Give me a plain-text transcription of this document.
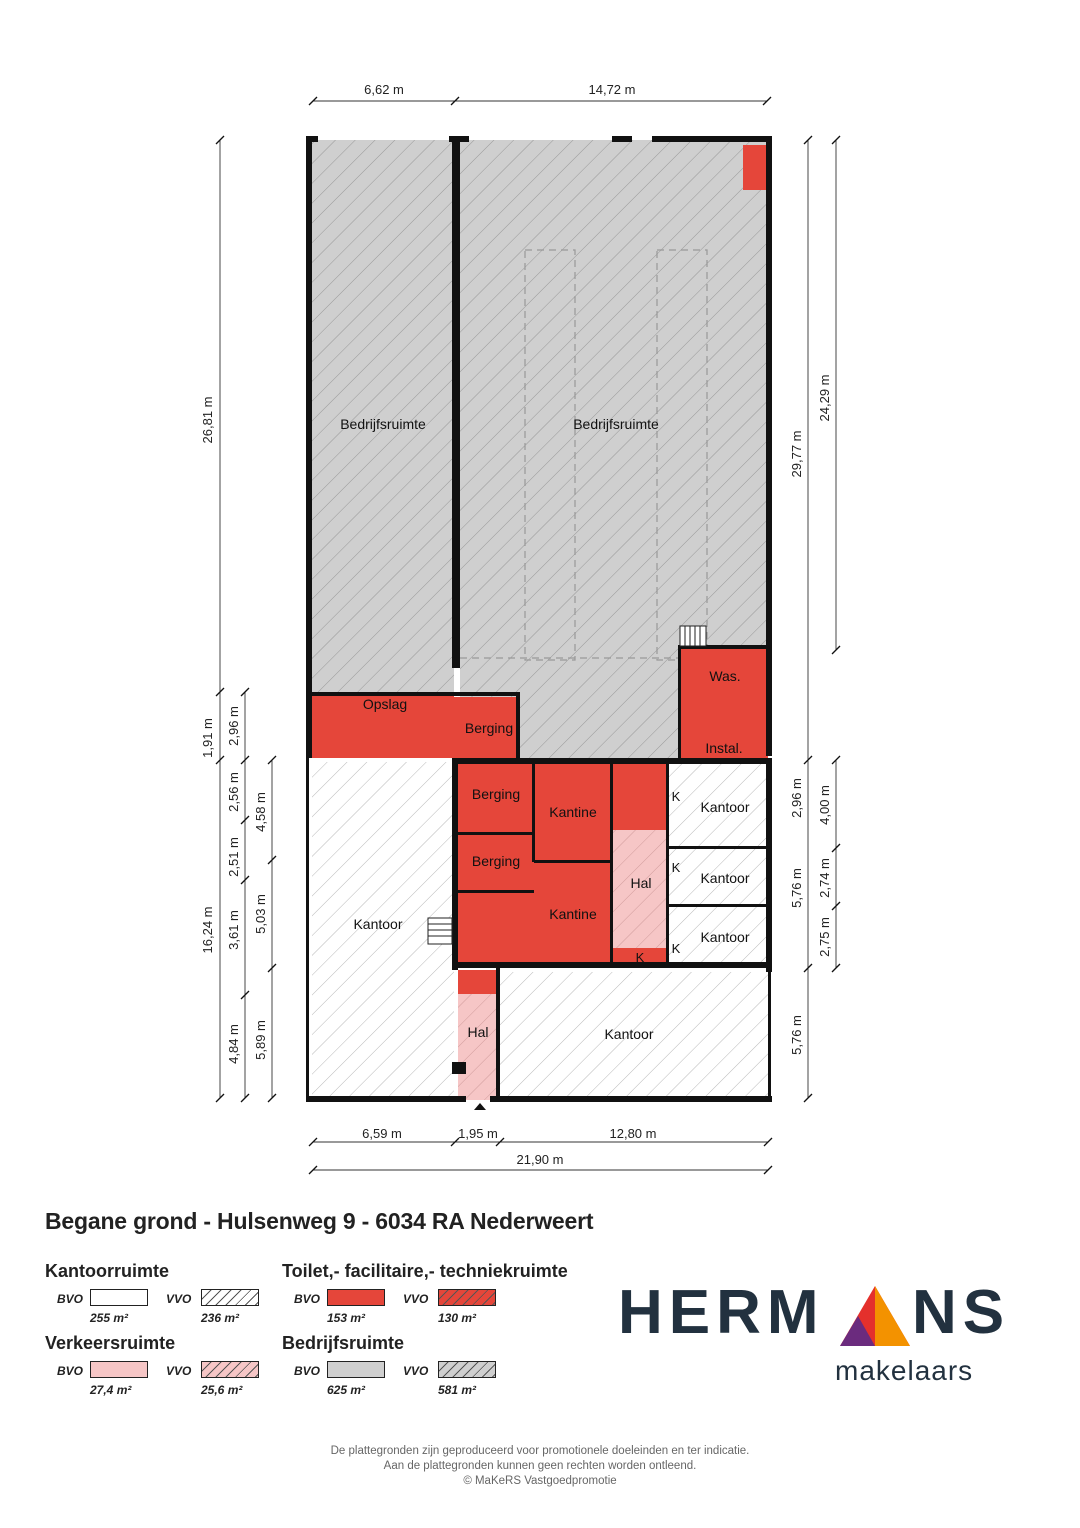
Bedrijfsruimte	Bedrijfsruimte
Opslag
Berging
Was.
Instal.
Berging
Berging
Kantine
Kantine
Hal
Hal
Kantoor
Kantoor
Kantoor
Kantoor
Kantoor
K
K
K
K
6,62 m	14,72 m
6,59 m	1,95 m	12,80 m
21,90 m
26,81 m
1,91 m
16,24 m
2,96 m
2,56 m
2,51 m
3,61 m
4,84 m
4,58 m
5,03 m
5,89 m
24,29 m
29,77 m
2,96 m
5,76 m
5,76 m
4,00 m
2,74 m
2,75 m
Begane grond - Hulsenweg 9 - 6034 RA Nederweert
Kantoorruimte
BVO
255 m²
VVO
236 m²
Toilet,- facilitaire,- techniekruimte
BVO
153 m²
VVO
130 m²
Verkeersruimte
BVO
27,4 m²
VVO
25,6 m²
Bedrijfsruimte
BVO
625 m²
VVO
581 m²
HERM NS
makelaars
De plattegronden zijn geproduceerd voor promotionele doeleinden en ter indicatie.
Aan de plattegronden kunnen geen rechten worden ontleend.
© MaKeRS Vastgoedpromotie
